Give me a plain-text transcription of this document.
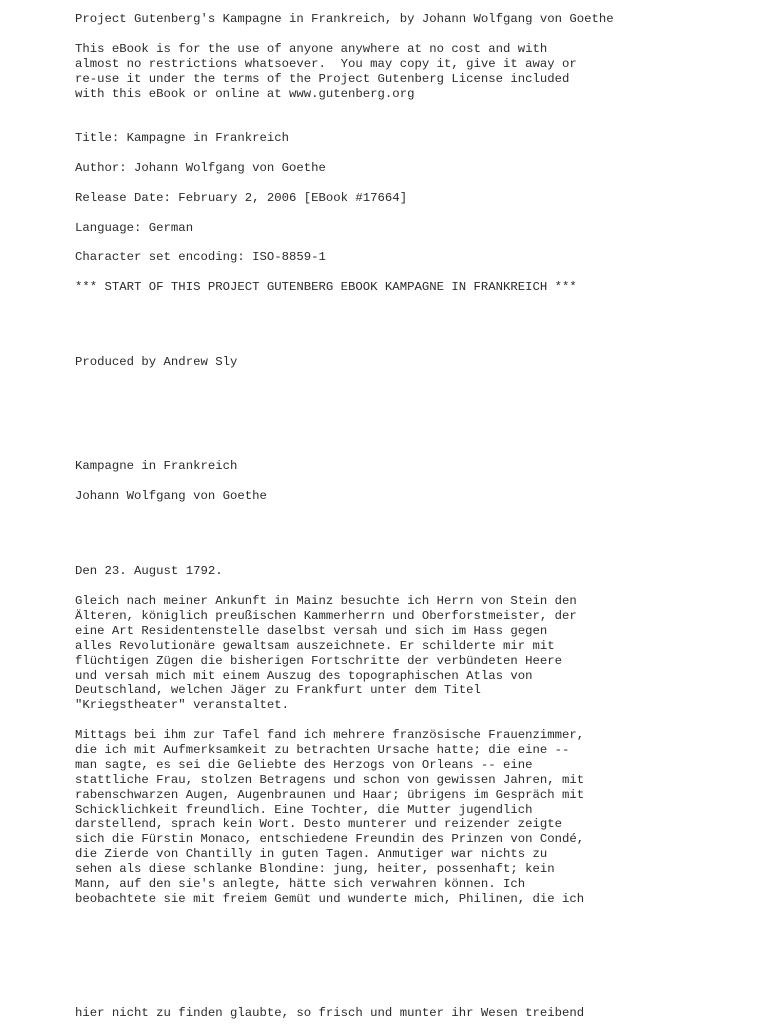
Project Gutenberg's Kampagne in Frankreich, by Johann Wolfgang von Goethe

This eBook is for the use of anyone anywhere at no cost and with
almost no restrictions whatsoever.  You may copy it, give it away or
re-use it under the terms of the Project Gutenberg License included
with this eBook or online at www.gutenberg.org

Title: Kampagne in Frankreich

Author: Johann Wolfgang von Goethe

Release Date: February 2, 2006 [EBook #17664]

Language: German

Character set encoding: ISO-8859-1

*** START OF THIS PROJECT GUTENBERG EBOOK KAMPAGNE IN FRANKREICH ***

Produced by Andrew Sly

Kampagne in Frankreich

Johann Wolfgang von Goethe

Den 23. August 1792.

Gleich nach meiner Ankunft in Mainz besuchte ich Herrn von Stein den
Älteren, königlich preußischen Kammerherrn und Oberforstmeister, der
eine Art Residentenstelle daselbst versah und sich im Hass gegen
alles Revolutionäre gewaltsam auszeichnete. Er schilderte mir mit
flüchtigen Zügen die bisherigen Fortschritte der verbündeten Heere
und versah mich mit einem Auszug des topographischen Atlas von
Deutschland, welchen Jäger zu Frankfurt unter dem Titel
"Kriegstheater" veranstaltet.

Mittags bei ihm zur Tafel fand ich mehrere französische Frauenzimmer,
die ich mit Aufmerksamkeit zu betrachten Ursache hatte; die eine --
man sagte, es sei die Geliebte des Herzogs von Orleans -- eine
stattliche Frau, stolzen Betragens und schon von gewissen Jahren, mit
rabenschwarzen Augen, Augenbraunen und Haar; übrigens im Gespräch mit
Schicklichkeit freundlich. Eine Tochter, die Mutter jugendlich
darstellend, sprach kein Wort. Desto munterer und reizender zeigte
sich die Fürstin Monaco, entschiedene Freundin des Prinzen von Condé,
die Zierde von Chantilly in guten Tagen. Anmutiger war nichts zu
sehen als diese schlanke Blondine: jung, heiter, possenhaft; kein
Mann, auf den sie's anlegte, hätte sich verwahren können. Ich
beobachtete sie mit freiem Gemüt und wunderte mich, Philinen, die ich

hier nicht zu finden glaubte, so frisch und munter ihr Wesen treibend
